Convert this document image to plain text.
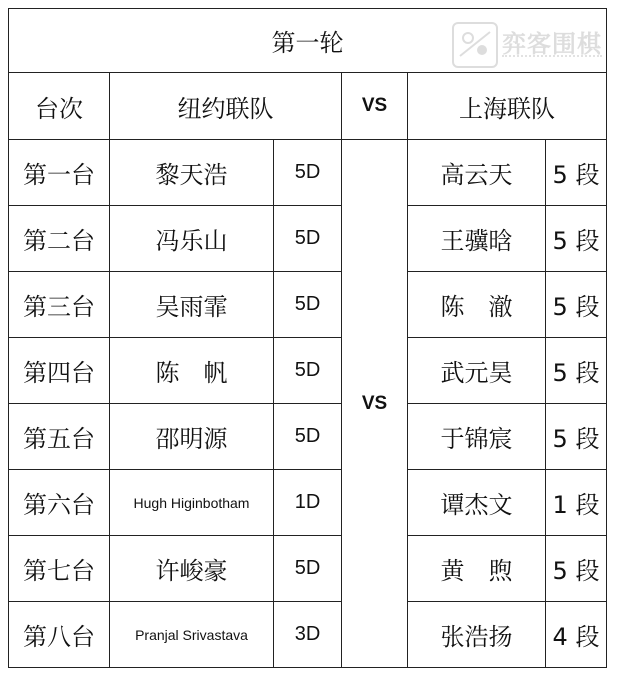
第一轮					
台次	纽约联队		VS	上海联队	
第一台	黎天浩	5D	VS	高云天	5 段
第二台	冯乐山	5D		王骥晗	5 段
第三台	吴雨霏	5D		陈　澈	5 段
第四台	陈　帆	5D		武元昊	5 段
第五台	邵明源	5D		于锦宸	5 段
第六台	Hugh Higinbotham	1D		谭杰文	1 段
第七台	许峻豪	5D		黄　煦	5 段
第八台	Pranjal Srivastava	3D		张浩扬	4 段
弈客围棋
